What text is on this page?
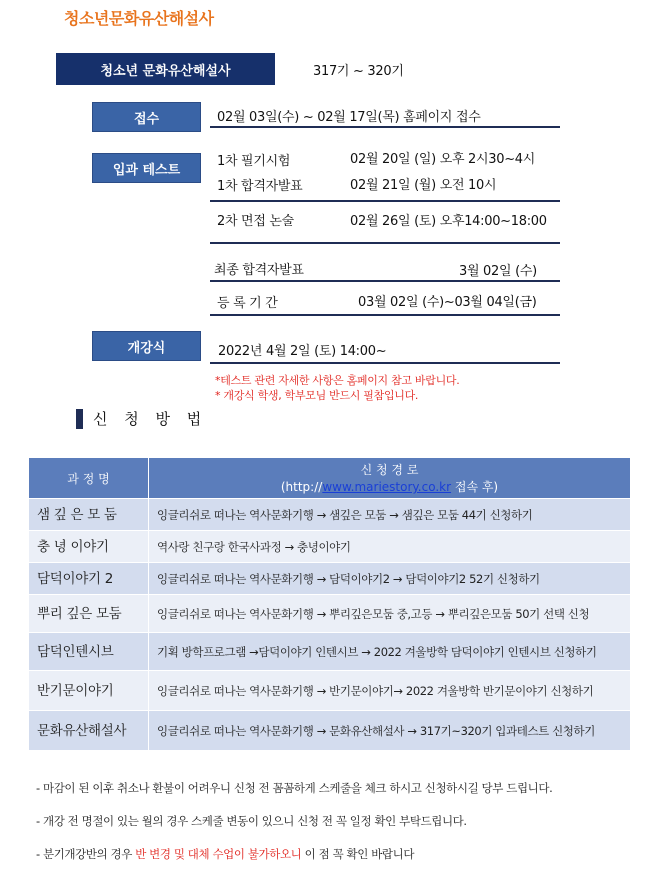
청소년문화유산해설사
청소년 문화유산해설사	317기 ~ 320기
접수	02월 03일(수) ~ 02월 17일(목) 홈페이지 접수
입과 테스트
1차 필기시험	02월 20일 (일) 오후 2시30~4시
1차 합격자발표	02월 21일 (월) 오전 10시
2차 면접 논술	02월 26일 (토) 오후14:00~18:00
최종 합격자발표	3월 02일 (수)
등 록 기 간	03월 02일 (수)~03월 04일(금)
개강식	2022년 4월 2일 (토) 14:00~
*테스트 관련 자세한 사항은 홈페이지 참고 바랍니다.
* 개강식 학생, 학부모님 반드시 필참입니다.
신 청 방 법
과 정 명	신 청 경 로
(http://www.mariestory.co.kr 접속 후)

샘 깊 은 모 둠	잉글리쉬로 떠나는 역사문화기행 → 샘깊은 모둠 → 샘깊은 모둠 44기 신청하기
충 녕 이야기	역사랑 친구랑 한국사과정 → 충녕이야기
담덕이야기 2	잉글리쉬로 떠나는 역사문화기행 → 담덕이야기2 → 담덕이야기2 52기 신청하기
뿌리 깊은 모둠	잉글리쉬로 떠나는 역사문화기행 → 뿌리깊은모둠 중,고등 → 뿌리깊은모둠 50기 선택 신청
담덕인텐시브	기획 방학프로그램 →담덕이야기 인텐시브 → 2022 겨울방학 담덕이야기 인텐시브 신청하기
반기문이야기	잉글리쉬로 떠나는 역사문화기행 → 반기문이야기→ 2022 겨울방학 반기문이야기 신청하기
문화유산해설사	잉글리쉬로 떠나는 역사문화기행 → 문화유산해설사 → 317기~320기 입과테스트 신청하기
- 마감이 된 이후 취소나 환불이 어려우니 신청 전 꼼꼼하게 스케줄을 체크 하시고 신청하시길 당부 드립니다.
- 개강 전 명절이 있는 월의 경우 스케줄 변동이 있으니 신청 전 꼭 일정 확인 부탁드립니다.
- 분기개강반의 경우 반 변경 및 대체 수업이 불가하오니 이 점 꼭 확인 바랍니다
